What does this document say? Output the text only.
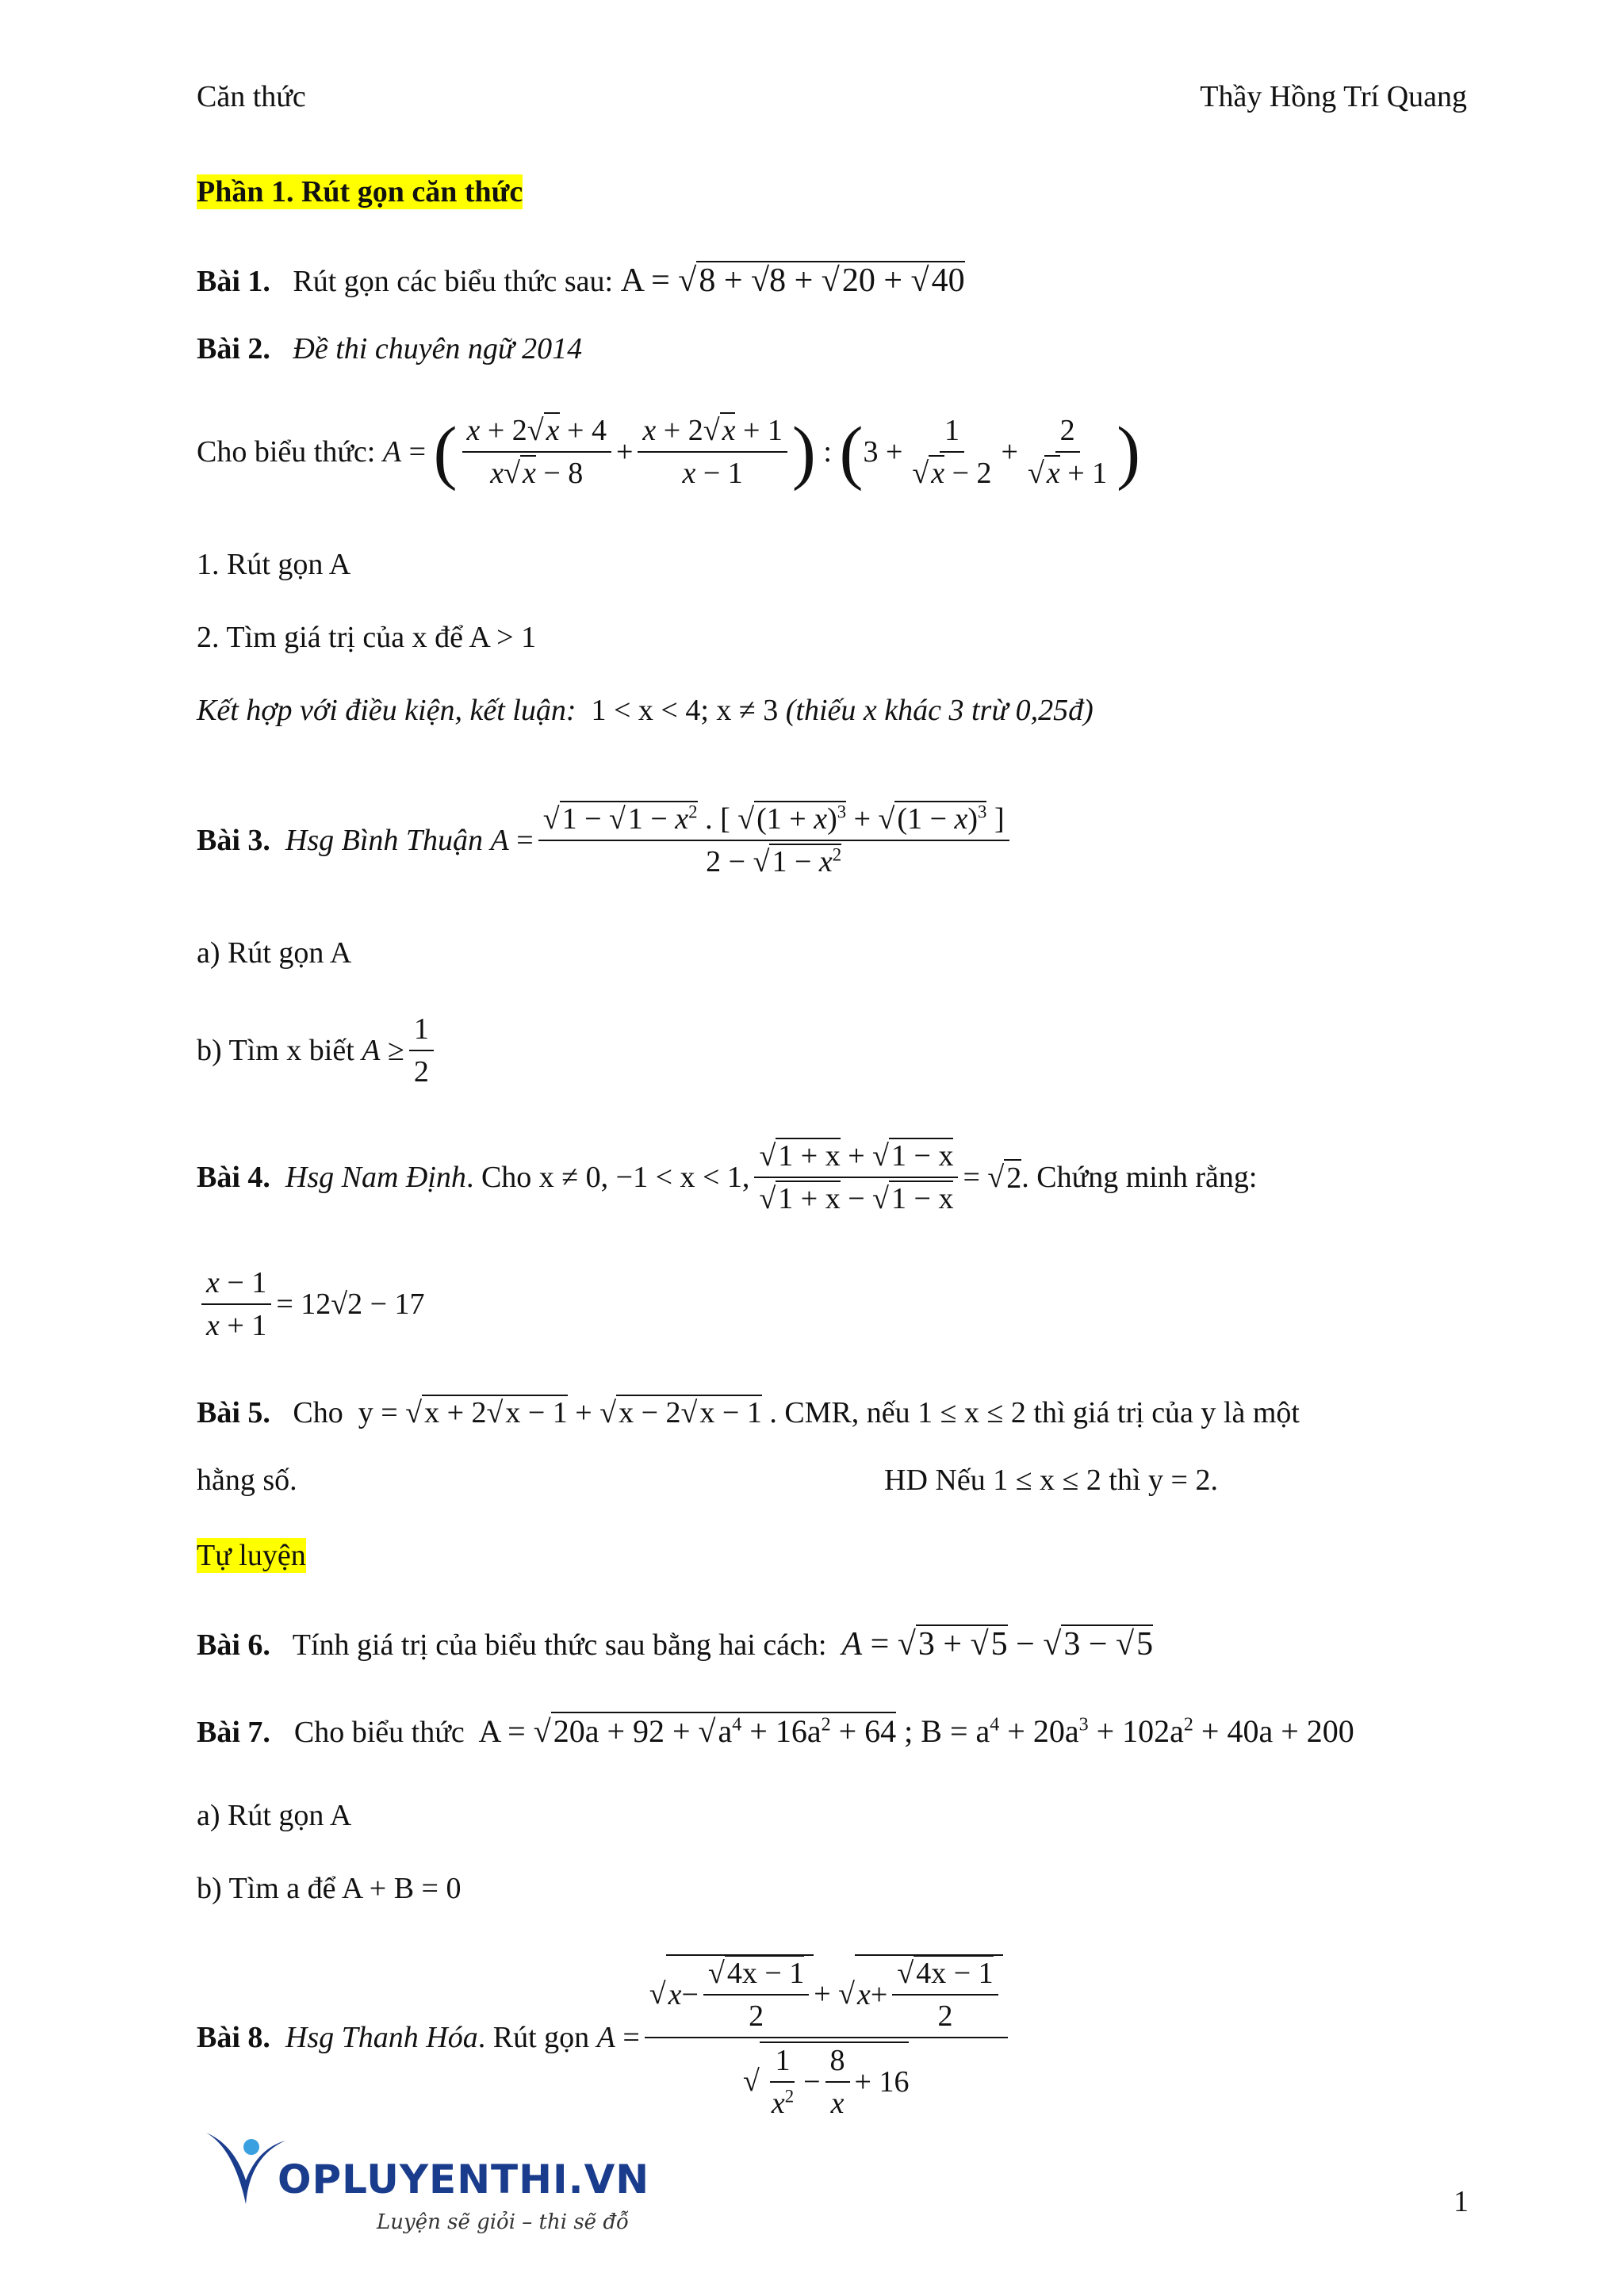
Căn thức	Thầy Hồng Trí Quang
Phần 1. Rút gọn căn thức
Bài 1. Rút gọn các biểu thức sau: A = √8 + √8 + √20 + √40
Bài 2. Đề thi chuyên ngữ 2014
Cho biểu thức:
A = ( $\frac{x + 2√x + 4}{x√x - 8} + \frac{x + 2√x + 1}{x - 1}$ ) : ( $3 + \frac{1}{√x - 2} + \frac{2}{√x + 1}$ )
1. Rút gọn A
2. Tìm giá trị của x để A > 1
Kết hợp với điều kiện, kết luận: 1 < x < 4; x ≠ 3 (thiếu x khác 3 trừ 0,25đ)
Bài 3.
Hsg Bình Thuận
$A = \frac{√1 - √1 - x^2 . [ √(1 + x)^3 + √(1 - x)^3 ]}{2 - √1 - x^2}$
a) Rút gọn A
b) Tìm x biết
$A \ge \frac{1}{2}$
Bài 4.
Hsg Nam Định . Cho x ≠ 0, −1 < x < 1, $\frac{√1 + x + √1 - x}{√1 + x - √1 - x}$ = √ 2 . Chứng minh rằng:
$\frac{x - 1}{x + 1} = 12√2 - 17$
Bài 5. Cho  y = √x + 2√x − 1 + √x − 2√x − 1 . CMR, nếu 1 ≤ x ≤ 2 thì giá trị của y là một
hằng số.	HD Nếu 1 ≤ x ≤ 2 thì y = 2.
Tự luyện
Bài 6. Tính giá trị của biểu thức sau bằng hai cách: A = √3 + √5 − √3 − √5
Bài 7. Cho biểu thức  $A = √20a + 92 + √a^4 + 16a^2 + 64$ ; $B = a^4 + 20a^3 + 102a^2 + 40a + 200$
a) Rút gọn A
b) Tìm a để A + B = 0
Bài 8.
Hsg Thanh Hóa . Rút gọn
$A = \frac{√ x - \frac{√4x - 1}{2} + √ x + \frac{√4x - 1}{2}}{√ \frac{1}{x^2} - \frac{8}{x} + 16}$
OPLUYENTHI.VN
Luyện sẽ giỏi – thi sẽ đỗ
1
